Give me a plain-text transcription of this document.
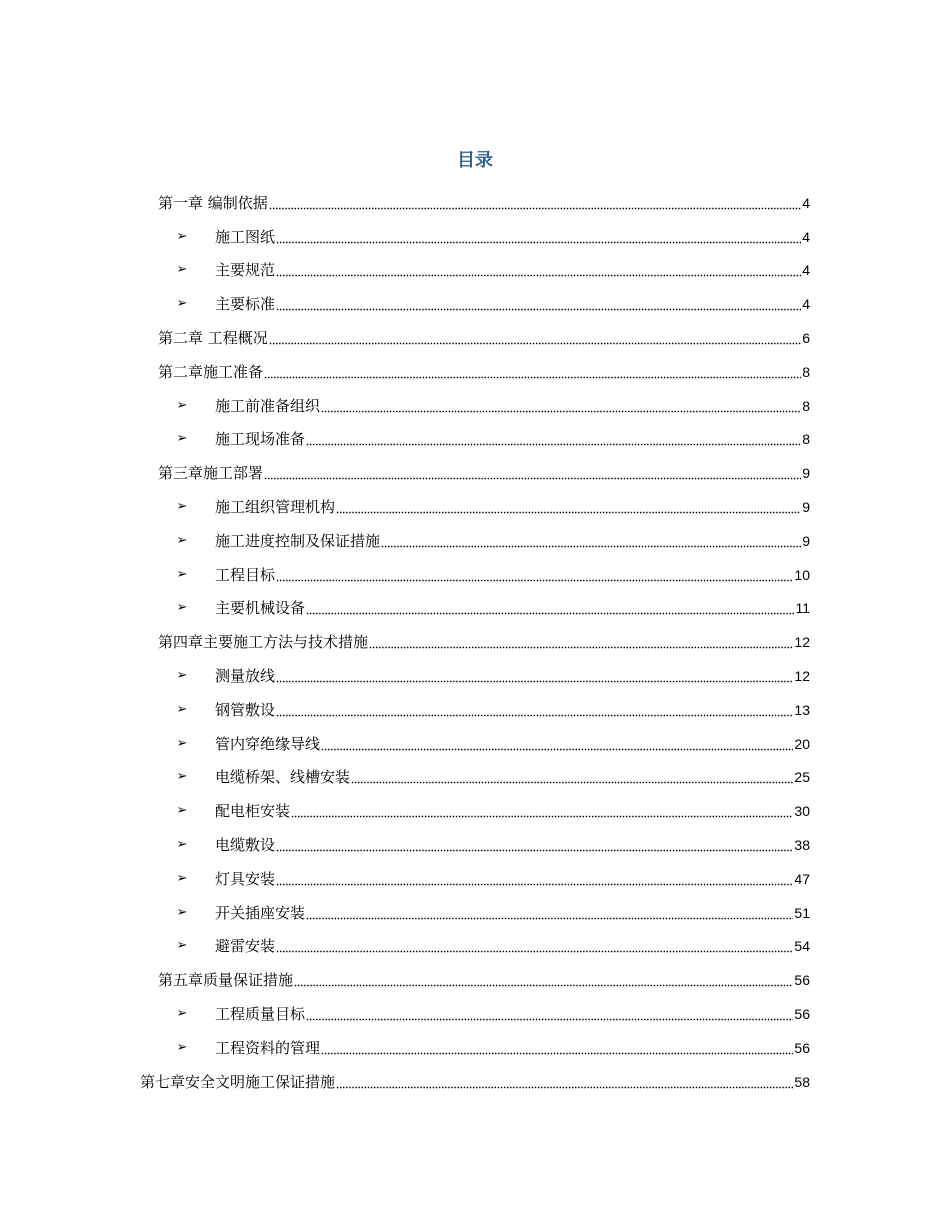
目录
第一章 编制依据	4
➢ 施工图纸	4
➢ 主要规范	4
➢ 主要标准	4
第二章 工程概况	6
第二章施工准备	8
➢ 施工前准备组织	8
➢ 施工现场准备	8
第三章施工部署	9
➢ 施工组织管理机构	9
➢ 施工进度控制及保证措施	9
➢ 工程目标	10
➢ 主要机械设备	11
第四章主要施工方法与技术措施	12
➢ 测量放线	12
➢ 钢管敷设	13
➢ 管内穿绝缘导线	20
➢ 电缆桥架、线槽安装	25
➢ 配电柜安装	30
➢ 电缆敷设	38
➢ 灯具安装	47
➢ 开关插座安装	51
➢ 避雷安装	54
第五章质量保证措施	56
➢ 工程质量目标	56
➢ 工程资料的管理	56
第七章安全文明施工保证措施	58
